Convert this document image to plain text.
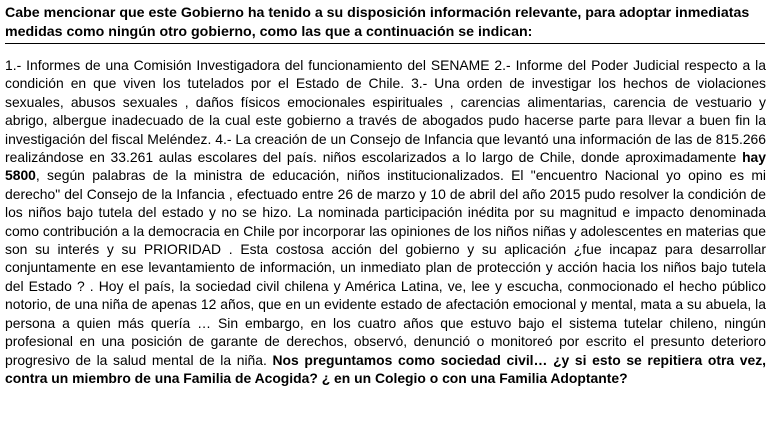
Cabe mencionar que este Gobierno ha tenido a su disposición información relevante, para adoptar inmediatas medidas como ningún otro gobierno, como las que a continuación se indican:
1.- Informes de una Comisión Investigadora del funcionamiento del SENAME 2.- Informe del Poder Judicial respecto a la condición en que viven los tutelados por el Estado de Chile. 3.- Una orden de investigar los hechos de violaciones sexuales, abusos sexuales , daños físicos emocionales espirituales , carencias alimentarias, carencia de vestuario y abrigo, albergue inadecuado de la cual este gobierno a través de abogados pudo hacerse parte para llevar a buen fin la investigación del fiscal Meléndez. 4.- La creación de un Consejo de Infancia que levantó una información de las de 815.266 realizándose en 33.261 aulas escolares del país. niños escolarizados a lo largo de Chile, donde aproximadamente hay 5800, según palabras de la ministra de educación, niños institucionalizados. El "encuentro Nacional yo opino es mi derecho" del Consejo de la Infancia , efectuado entre 26 de marzo y 10 de abril del año 2015 pudo resolver la condición de los niños bajo tutela del estado y no se hizo. La nominada participación inédita por su magnitud e impacto denominada como contribución a la democracia en Chile por incorporar las opiniones de los niños niñas y adolescentes en materias que son su interés y su PRIORIDAD . Esta costosa acción del gobierno y su aplicación ¿fue incapaz para desarrollar conjuntamente en ese levantamiento de información, un inmediato plan de protección y acción hacia los niños bajo tutela del Estado ? . Hoy el país, la sociedad civil chilena y América Latina, ve, lee y escucha, conmocionado el hecho público notorio, de una niña de apenas 12 años, que en un evidente estado de afectación emocional y mental, mata a su abuela, la persona a quien más quería … Sin embargo, en los cuatro años que estuvo bajo el sistema tutelar chileno, ningún profesional en una posición de garante de derechos, observó, denunció o monitoreó por escrito el presunto deterioro progresivo de la salud mental de la niña. Nos preguntamos como sociedad civil… ¿y si esto se repitiera otra vez, contra un miembro de una Familia de Acogida? ¿ en un Colegio o con una Familia Adoptante?
